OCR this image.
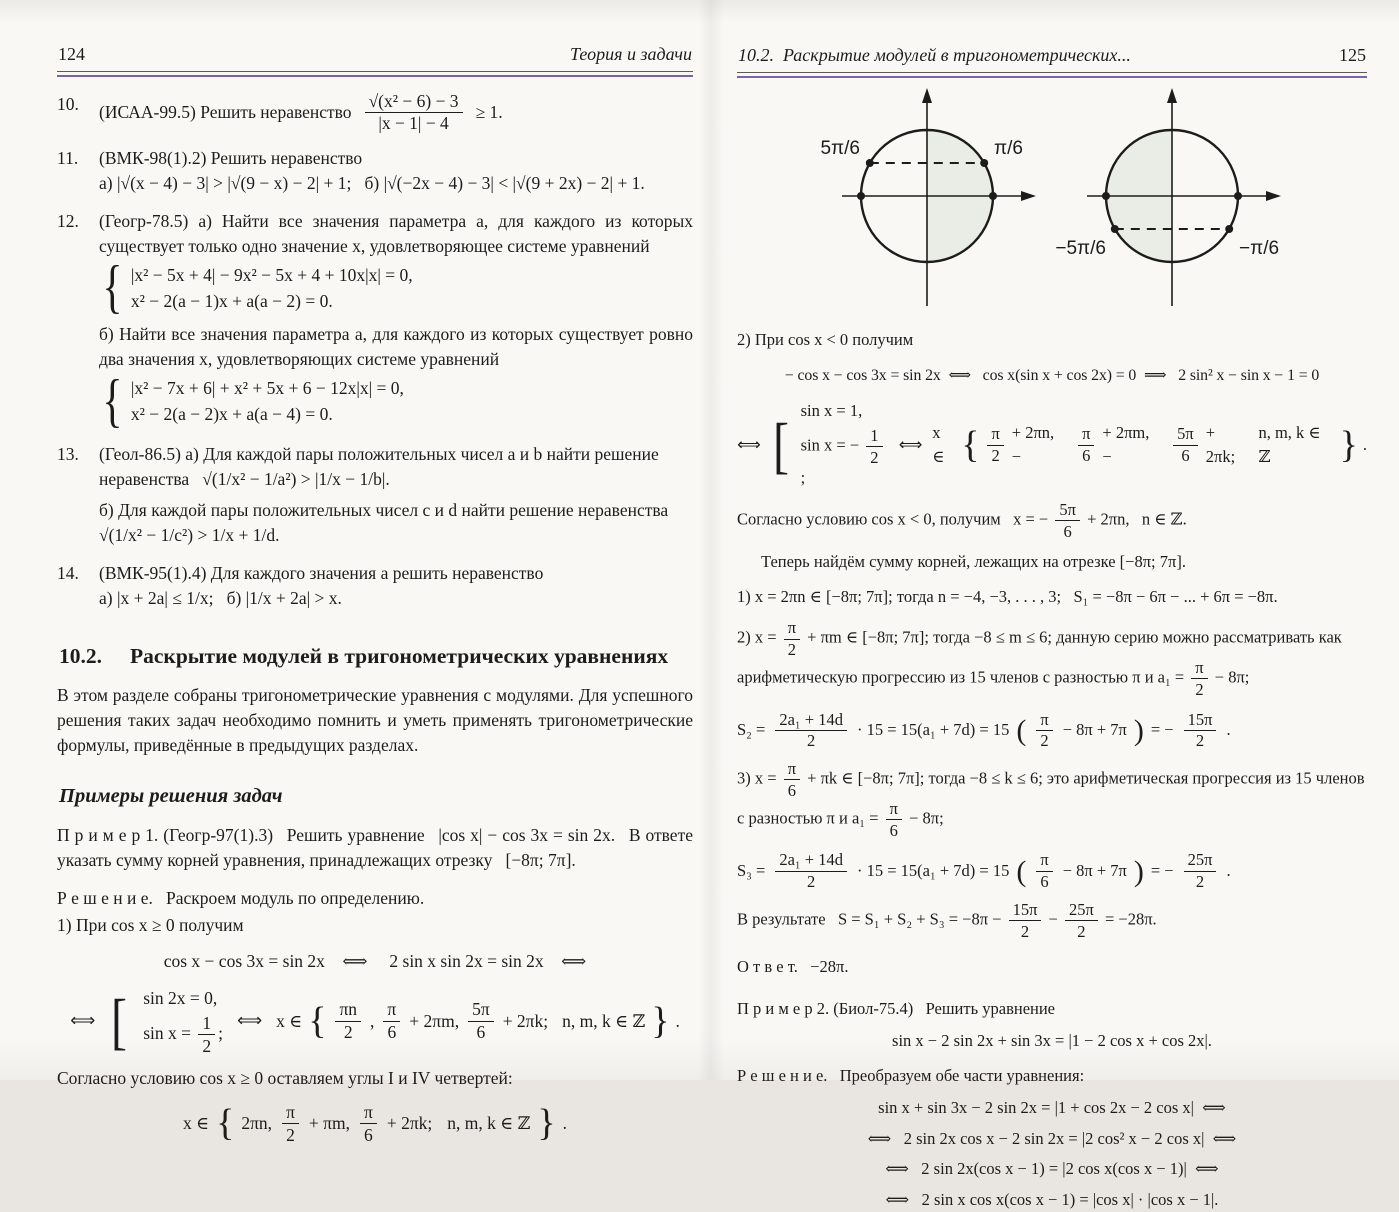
124	Теория и задачи
10.	(ИСАА-99.5) Решить неравенство $\frac{\text{√(x² − 6) − 3}}{|x - 1| - 4} \ge 1$.
11.	(ВМК-98(1).2) Решить неравенство
а) |√(x − 4) − 3| > |√(9 − x) − 2| + 1;  б) |√(−2x − 4) − 3| < |√(9 + 2x) − 2| + 1.
12.	(Геогр-78.5) а) Найти все значения параметра a, для каждого из которых существует только одно значение x, удовлетворяющее системе уравнений
{ |x² − 5x + 4| − 9x² − 5x + 4 + 10x|x| = 0,
x² − 2(a − 1)x + a(a − 2) = 0.
б) Найти все значения параметра a, для каждого из которых существует ровно два значения x, удовлетворяющих системе уравнений
{ |x² − 7x + 6| + x² + 5x + 6 − 12x|x| = 0,
x² − 2(a − 2)x + a(a − 4) = 0.
13.	(Геол-86.5) а) Для каждой пары положительных чисел a и b найти решение
неравенства  √(1/x² − 1/a²) > |1/x − 1/b|.
б) Для каждой пары положительных чисел c и d найти решение неравенства
√(1/x² − 1/c²) > 1/x + 1/d.
14.	(ВМК-95(1).4) Для каждого значения a решить неравенство
а) |x + 2a| ≤ 1/x;  б) |1/x + 2a| > x.
10.2. Раскрытие модулей в тригонометрических уравнениях

В этом разделе собраны тригонометрические уравнения с модулями. Для успешного решения таких задач необходимо помнить и уметь применять тригонометрические формулы, приведённые в предыдущих разделах.

Примеры решения задач

П р и м е р 1. (Геогр-97(1).3)  Решить уравнение  |cos x| − cos 3x = sin 2x.  В ответе указать сумму корней уравнения, принадлежащих отрезку  [−8π; 7π].

Р е ш е н и е.  Раскроем модуль по определению.

1) При cos x ≥ 0 получим

cos x − cos 3x = sin 2x ⟺  2 sin x sin 2x = sin 2x ⟺

⟺ [ sin 2x = 0,
$\sin x = \frac{1}{2}$ ;
⟺ x ∈ { $\frac{\pi n}{2}$ , $\frac{\pi}{6} + 2\pi m$, $\frac{5\pi}{6} + 2\pi k$; n, m, k ∈ ℤ } .

Согласно условию cos x ≥ 0 оставляем углы I и IV четвертей:

x ∈ { 2πn, $\frac{\pi}{2} + \pi m$, $\frac{\pi}{6} + 2\pi k$; n, m, k ∈ ℤ } .
10.2.  Раскрытие модулей в тригонометрических...	125
5π/6	π/6
−5π/6	−π/6

2) При cos x < 0 получим

− cos x − cos 3x = sin 2x ⟺  cos x(sin x + cos 2x) = 0 ⟹  2 sin² x − sin x − 1 = 0

⟺ [ sin x = 1,
sin x = − $\frac{1}{2}$
;
⟺
x ∈ { $\frac{\pi}{2} + 2\pi n$, −	$\frac{\pi}{6} + 2\pi m$, −	$\frac{5\pi}{6} + 2\pi k$;
n, m, k ∈ ℤ	} .

Согласно условию cos x < 0, получим  x = − $\frac{5\pi}{6} + 2\pi n$,  n ∈ ℤ.

Теперь найдём сумму корней, лежащих на отрезке [−8π; 7π].

1) x = 2πn ∈ [−8π; 7π]; тогда n = −4, −3, . . . , 3;  S₁ = −8π − 6π − ... + 6π = −8π.

2) $x = \frac{\pi}{2} + \pi m$ ∈ [−8π; 7π]; тогда −8 ≤ m ≤ 6; данную серию можно рассматривать как арифметическую прогрессию из 15 членов с разностью π и $a_1 = \frac{\pi}{2} - 8\pi$;

$S_2 = \frac{\text{2a₁ + 14d}}{2} \cdot 15 = 15(a_1 + 7d) = 15$ ( $\frac{\pi}{2} - 8\pi + 7\pi$ ) = − $\frac{15\pi}{2}$ .

3) $x = \frac{\pi}{6} + \pi k$ ∈ [−8π; 7π]; тогда −8 ≤ k ≤ 6; это арифметическая прогрессия из 15 членов с разностью π и $a_1 = \frac{\pi}{6} - 8\pi$;

$S_3 = \frac{\text{2a₁ + 14d}}{2} \cdot 15 = 15(a_1 + 7d) = 15$ ( $\frac{\pi}{6} - 8\pi + 7\pi$ ) = − $\frac{25\pi}{2}$ .

В результате  $S = S_1 + S_2 + S_3 = -8\pi - \frac{15\pi}{2} - \frac{25\pi}{2} = -28\pi$.

О т в е т.  −28π.

П р и м е р 2. (Биол-75.4)  Решить уравнение

sin x − 2 sin 2x + sin 3x = |1 − 2 cos x + cos 2x|.

Р е ш е н и е.  Преобразуем обе части уравнения:

sin x + sin 3x − 2 sin 2x = |1 + cos 2x − 2 cos x| ⟺

⟺  2 sin 2x cos x − 2 sin 2x = |2 cos² x − 2 cos x| ⟺

⟺  2 sin 2x(cos x − 1) = |2 cos x(cos x − 1)| ⟺

⟺  2 sin x cos x(cos x − 1) = |cos x| · |cos x − 1|.
